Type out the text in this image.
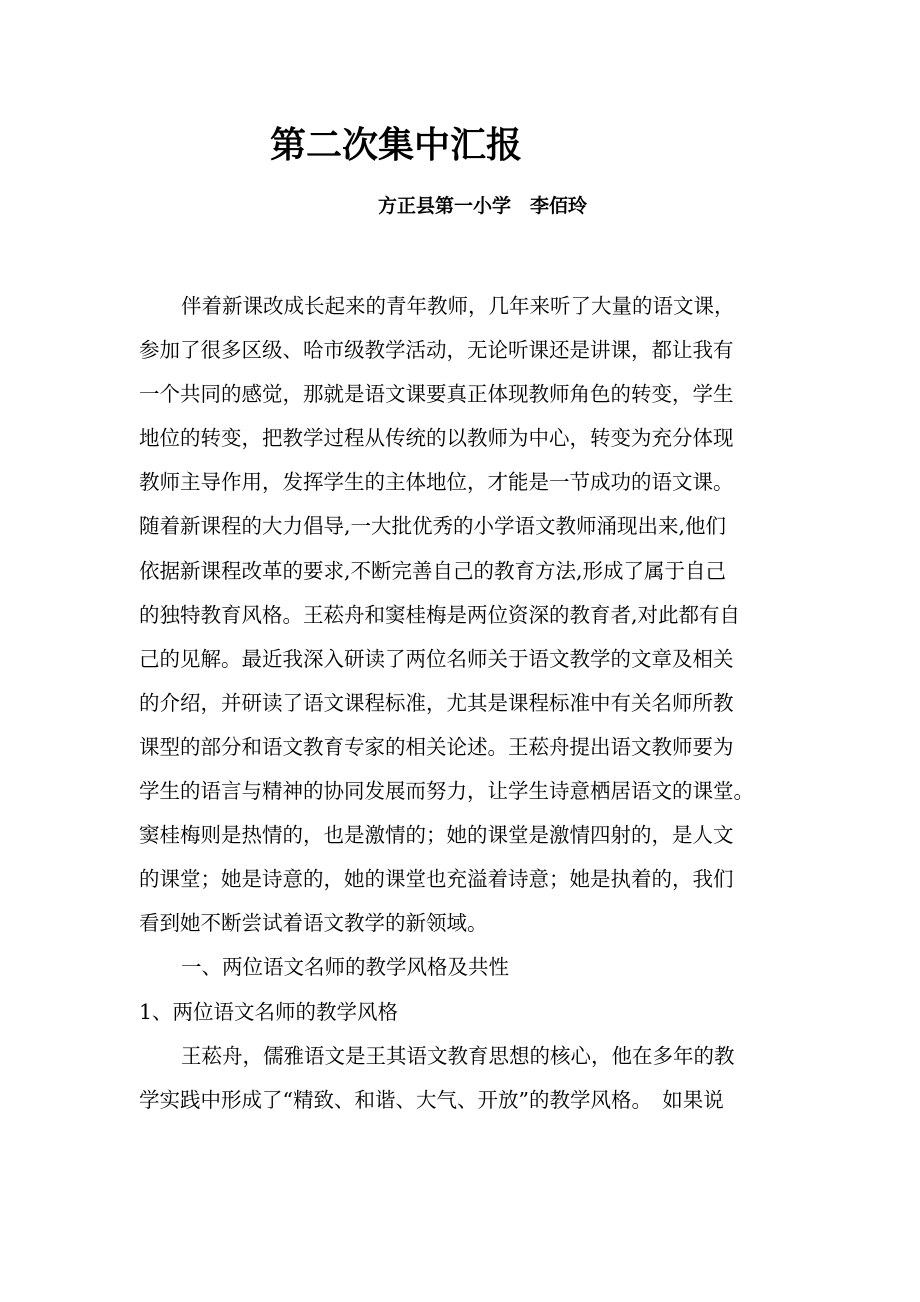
第二次集中汇报

方正县第一小学　李佰玲

伴着新课改成长起来的青年教师，几年来听了大量的语文课，
参加了很多区级、哈市级教学活动，无论听课还是讲课，都让我有
一个共同的感觉，那就是语文课要真正体现教师角色的转变，学生
地位的转变，把教学过程从传统的以教师为中心，转变为充分体现
教师主导作用，发挥学生的主体地位，才能是一节成功的语文课。
随着新课程的大力倡导,一大批优秀的小学语文教师涌现出来,他们
依据新课程改革的要求,不断完善自己的教育方法,形成了属于自己
的独特教育风格。王菘舟和窦桂梅是两位资深的教育者,对此都有自
己的见解。最近我深入研读了两位名师关于语文教学的文章及相关
的介绍，并研读了语文课程标准，尤其是课程标准中有关名师所教
课型的部分和语文教育专家的相关论述。王菘舟提出语文教师要为
学生的语言与精神的协同发展而努力，让学生诗意栖居语文的课堂。
窦桂梅则是热情的，也是激情的；她的课堂是激情四射的，是人文
的课堂；她是诗意的，她的课堂也充溢着诗意；她是执着的，我们
看到她不断尝试着语文教学的新领域。
一、两位语文名师的教学风格及共性
1、两位语文名师的教学风格
王菘舟，儒雅语文是王其语文教育思想的核心，他在多年的教
学实践中形成了“精致、和谐、大气、开放”的教学风格。　如果说
